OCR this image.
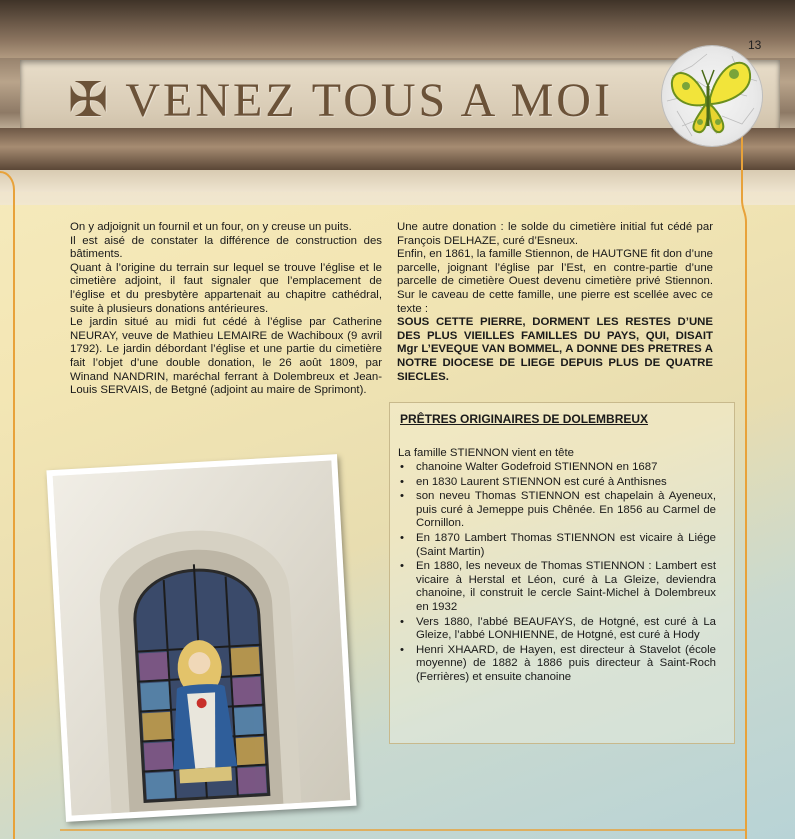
✠ VENEZ TOUS A MOI
13

On y adjoignit un fournil et un four, on y creuse un puits.

Il est aisé de constater la différence de construction des bâtiments.

Quant à l’origine du terrain sur lequel se trouve l’église et le cimetière adjoint, il faut signaler que l’emplacement de l’église et du presbytère appartenait au chapitre cathédral, suite à plusieurs donations antérieures.

Le jardin situé au midi fut cédé à l’église par Catherine NEURAY, veuve de Mathieu LEMAIRE de Wachiboux (9 avril 1792). Le jardin débordant l’église et une partie du cimetière fait l’objet d’une double donation, le 26 août 1809, par Winand NANDRIN, maréchal ferrant à Dolembreux et Jean-Louis SERVAIS, de Betgné (adjoint au maire de Sprimont).

Une autre donation : le solde du cimetière initial fut cédé par François DELHAZE, curé d’Esneux.

Enfin, en 1861, la famille Stiennon, de HAUTGNE fit don d’une parcelle, joignant l’église par l’Est, en contre-partie d’une parcelle de cimetière Ouest devenu cimetière privé Stiennon. Sur le caveau de cette famille, une pierre est scellée avec ce texte :

SOUS CETTE PIERRE, DORMENT LES RESTES D’UNE DES PLUS VIEILLES FAMILLES DU PAYS, QUI, DISAIT Mgr L’EVEQUE VAN BOMMEL, A DONNE DES PRETRES A NOTRE DIOCESE DE LIEGE DEPUIS PLUS DE QUATRE SIECLES.

PRÊTRES ORIGINAIRES DE DOLEMBREUX
La famille STIENNON vient en tête
• chanoine Walter Godefroid STIENNON en 1687
• en 1830 Laurent STIENNON est curé à Anthisnes
• son neveu Thomas STIENNON est chapelain à Ayeneux, puis curé à Jemeppe puis Chênée. En 1856 au Carmel de Cornillon.
• En 1870 Lambert Thomas STIENNON est vicaire à Liége (Saint Martin)
• En 1880, les neveux de Thomas STIENNON : Lambert est vicaire à Herstal et Léon, curé à La Gleize, deviendra chanoine, il construit le cercle Saint-Michel à Dolembreux en 1932
• Vers 1880, l’abbé BEAUFAYS, de Hotgné, est curé à La Gleize, l’abbé LONHIENNE, de Hotgné, est curé à Hody
• Henri XHAARD, de Hayen, est directeur à Stavelot (école moyenne) de 1882 à 1886 puis directeur à Saint-Roch (Ferrières) et ensuite chanoine
